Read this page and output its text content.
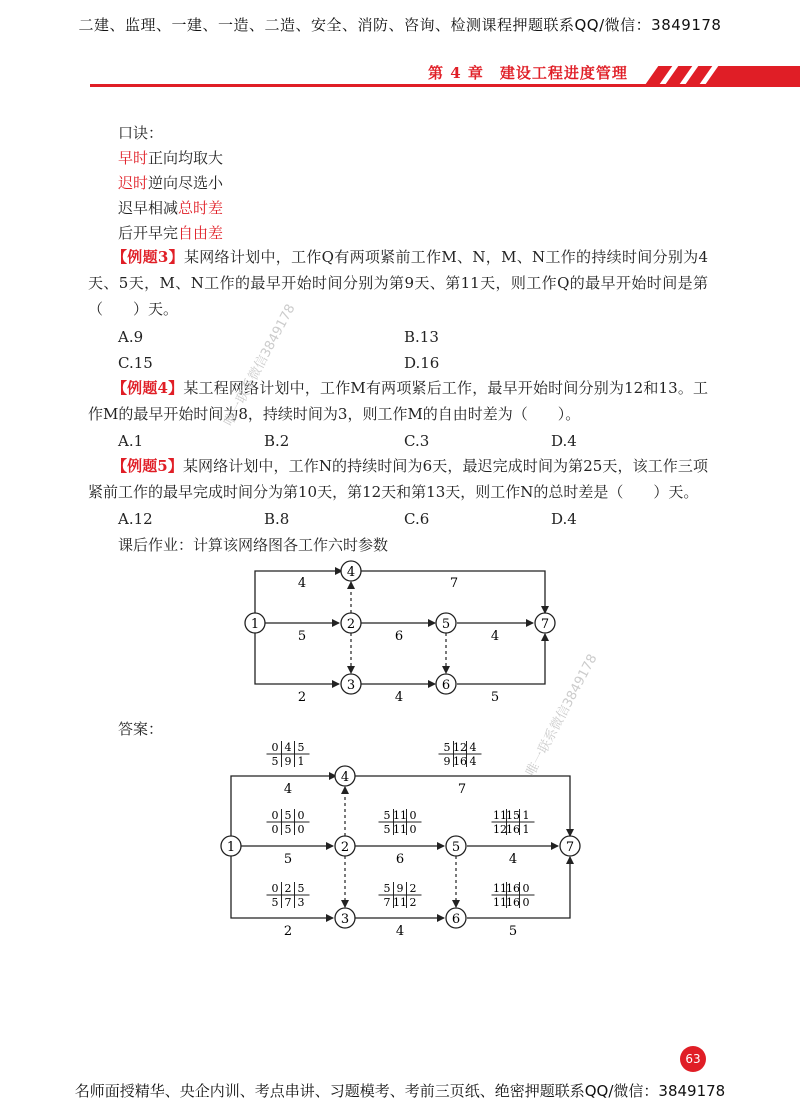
二建、监理、一建、一造、二造、安全、消防、咨询、检测课程押题联系QQ/微信：3849178
第 4 章　建设工程进度管理
口诀：
早时正向均取大
迟时逆向尽选小
迟早相减总时差
后开早完自由差
【例题3】某网络计划中，工作Q有两项紧前工作M、N，M、N工作的持续时间分别为4天、5天，M、N工作的最早开始时间分别为第9天、第11天，则工作Q的最早开始时间是第（　　）天。
A.9	B.13
C.15	D.16
【例题4】某工程网络计划中，工作M有两项紧后工作，最早开始时间分别为12和13。工作M的最早开始时间为8，持续时间为3，则工作M的自由时差为（　　）。
A.1	B.2	C.3	D.4
【例题5】某网络计划中，工作N的持续时间为6天，最迟完成时间为第25天，该工作三项紧前工作的最早完成时间分为第10天，第12天和第13天，则工作N的总时差是（　　）天。
A.12	B.8	C.6	D.4
课后作业：计算该网络图各工作六时参数
1	2
3
4
5
6
7
4	7
5	6	4
2	4	5
1	2
3
4
5
6
7
4	7
5	6	4
2	4	5
0 4 5
5 9 1
5 12 4
9 16 4
0 5 0
0 5 0
5 11 0
5 11 0
11 15 1
12 16 1
0 2 5
5 7 3
5 9 2
7 11 2
11 16 0
11 16 0
答案：
唯一联系微信3849178
唯一联系微信3849178
63
名师面授精华、央企内训、考点串讲、习题模考、考前三页纸、绝密押题联系QQ/微信：3849178
